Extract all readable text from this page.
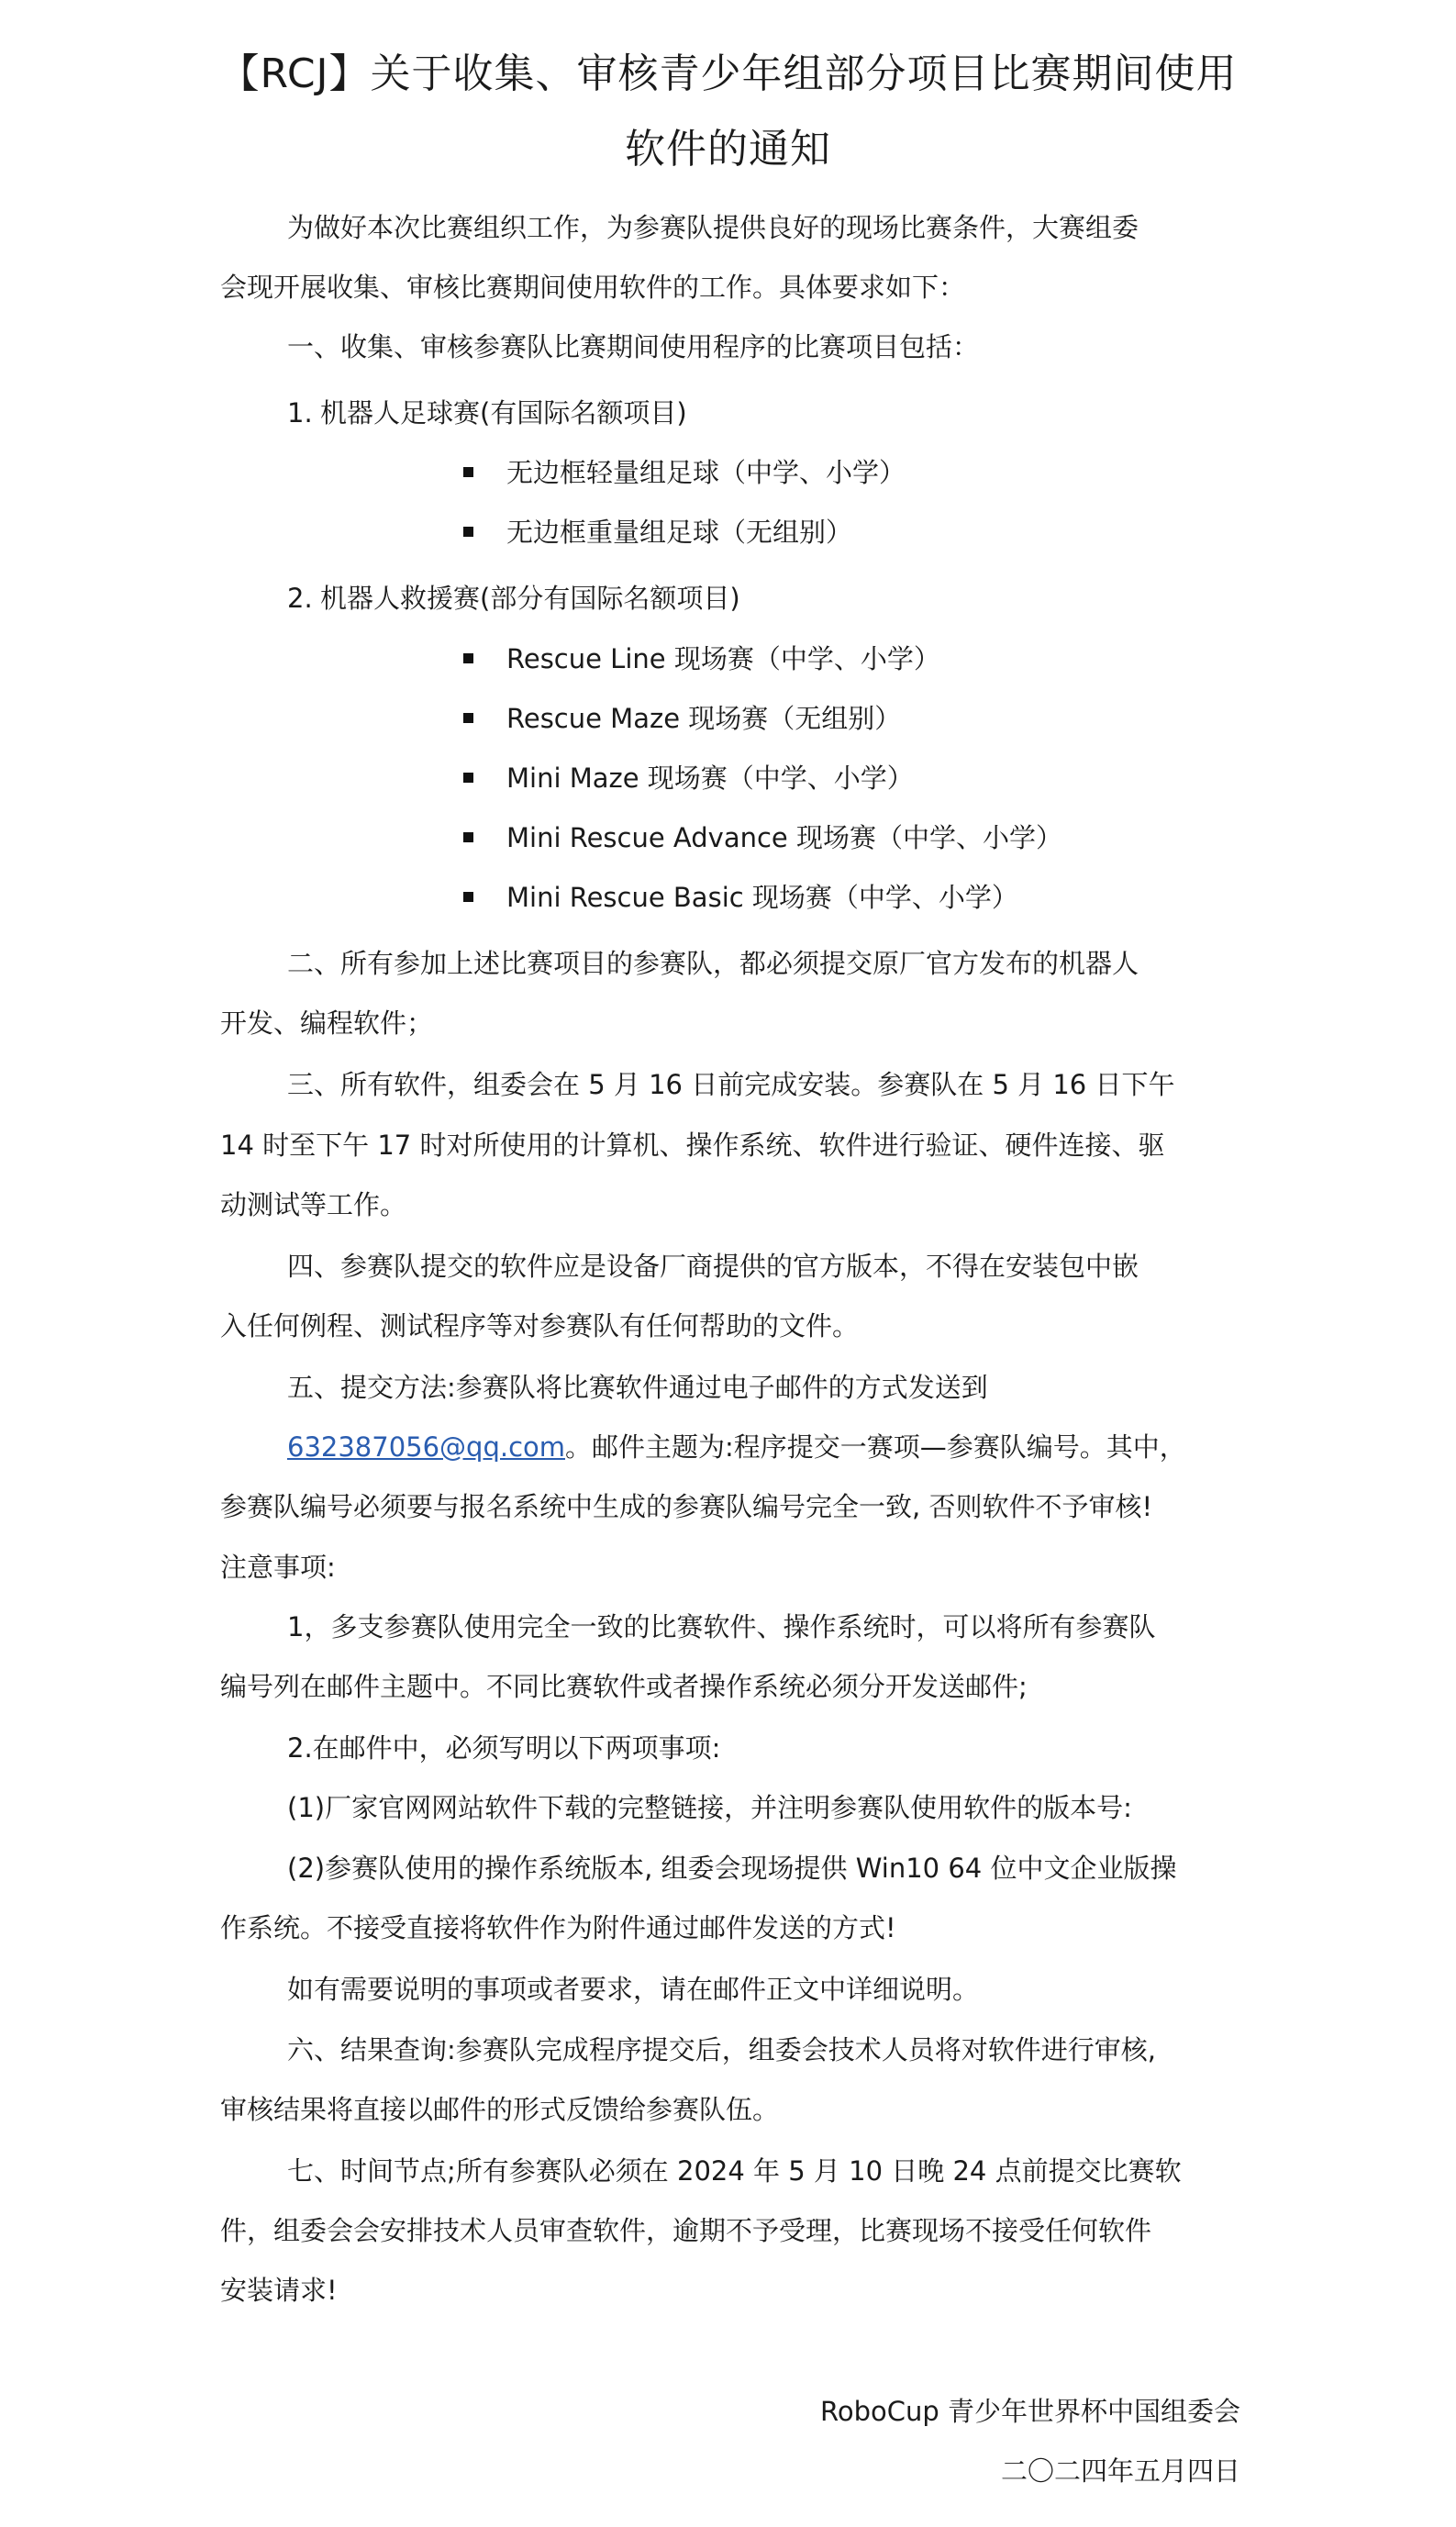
【RCJ】关于收集、审核青少年组部分项目比赛期间使用
软件的通知
为做好本次比赛组织工作，为参赛队提供良好的现场比赛条件，大赛组委
会现开展收集、审核比赛期间使用软件的工作。具体要求如下：
一、收集、审核参赛队比赛期间使用程序的比赛项目包括：
1. 机器人足球赛(有国际名额项目)
无边框轻量组足球（中学、小学）
无边框重量组足球（无组别）
2. 机器人救援赛(部分有国际名额项目)
Rescue Line 现场赛（中学、小学）
Rescue Maze 现场赛（无组别）
Mini Maze 现场赛（中学、小学）
Mini Rescue Advance 现场赛（中学、小学）
Mini Rescue Basic 现场赛（中学、小学）
二、所有参加上述比赛项目的参赛队，都必须提交原厂官方发布的机器人
开发、编程软件；
三、所有软件，组委会在 5 月 16 日前完成安装。参赛队在 5 月 16 日下午
14 时至下午 17 时对所使用的计算机、操作系统、软件进行验证、硬件连接、驱
动测试等工作。
四、参赛队提交的软件应是设备厂商提供的官方版本，不得在安装包中嵌
入任何例程、测试程序等对参赛队有任何帮助的文件。
五、提交方法:参赛队将比赛软件通过电子邮件的方式发送到
632387056@qq.com。邮件主题为:程序提交一赛项—参赛队编号。其中，
参赛队编号必须要与报名系统中生成的参赛队编号完全一致, 否则软件不予审核!
注意事项:
1，多支参赛队使用完全一致的比赛软件、操作系统时，可以将所有参赛队
编号列在邮件主题中。不同比赛软件或者操作系统必须分开发送邮件;
2.在邮件中，必须写明以下两项事项:
(1)厂家官网网站软件下载的完整链接，并注明参赛队使用软件的版本号:
(2)参赛队使用的操作系统版本, 组委会现场提供 Win10 64 位中文企业版操
作系统。不接受直接将软件作为附件通过邮件发送的方式!
如有需要说明的事项或者要求，请在邮件正文中详细说明。
六、结果查询:参赛队完成程序提交后，组委会技术人员将对软件进行审核,
审核结果将直接以邮件的形式反馈给参赛队伍。
七、时间节点;所有参赛队必须在 2024 年 5 月 10 日晚 24 点前提交比赛软
件，组委会会安排技术人员审查软件，逾期不予受理，比赛现场不接受任何软件
安装请求!
RoboCup 青少年世界杯中国组委会
二〇二四年五月四日
